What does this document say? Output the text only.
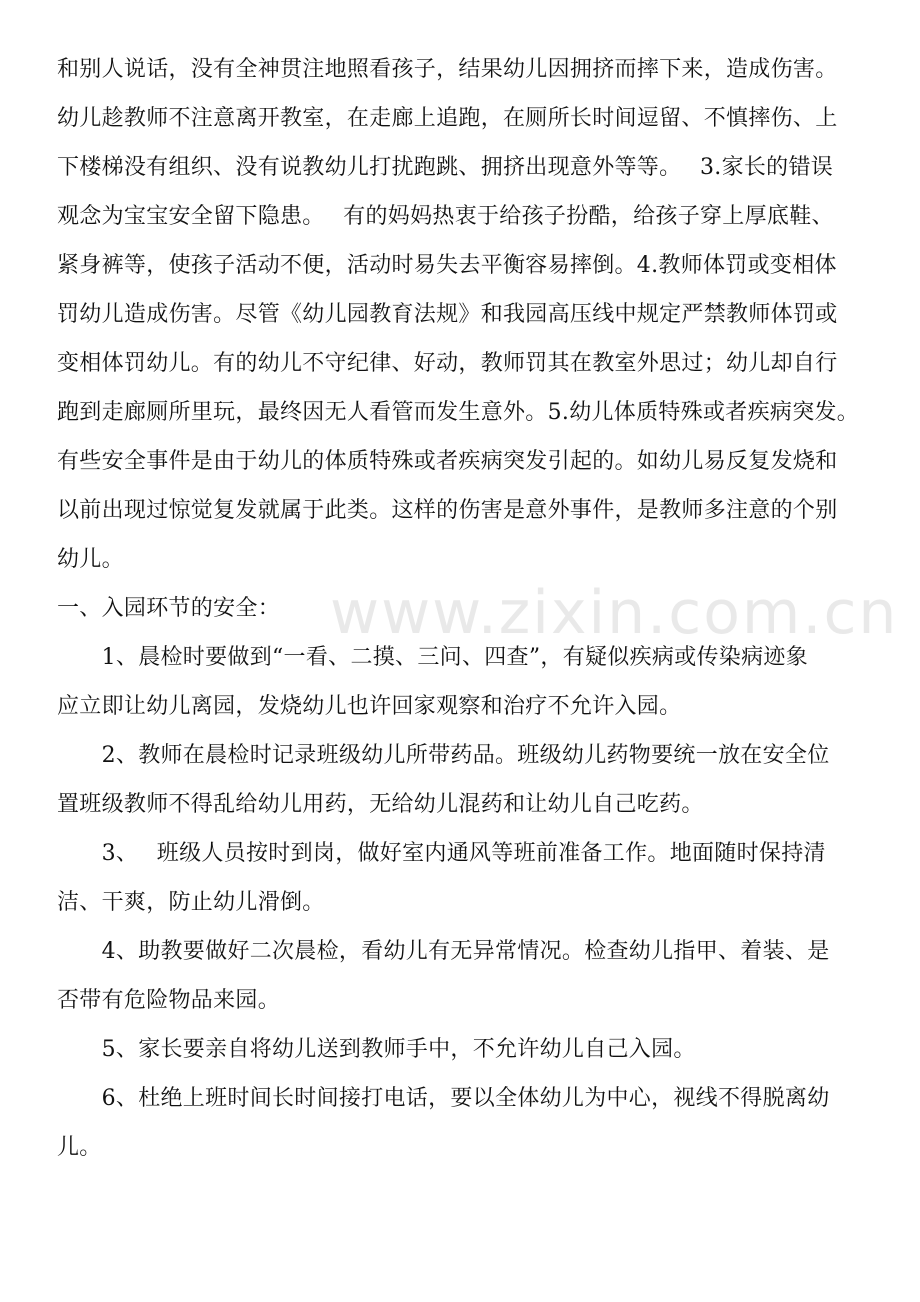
www.zixin.com.cn
和别人说话，没有全神贯注地照看孩子，结果幼儿因拥挤而摔下来，造成伤害。
幼儿趁教师不注意离开教室，在走廊上追跑，在厕所长时间逗留、不慎摔伤、上
下楼梯没有组织、没有说教幼儿打扰跑跳、拥挤出现意外等等。　 3.家长的错误
观念为宝宝安全留下隐患。　 有的妈妈热衷于给孩子扮酷，给孩子穿上厚底鞋、
紧身裤等，使孩子活动不便，活动时易失去平衡容易摔倒。4.教师体罚或变相体
罚幼儿造成伤害。尽管《幼儿园教育法规》和我园高压线中规定严禁教师体罚或
变相体罚幼儿。有的幼儿不守纪律、好动，教师罚其在教室外思过；幼儿却自行
跑到走廊厕所里玩，最终因无人看管而发生意外。5.幼儿体质特殊或者疾病突发。
有些安全事件是由于幼儿的体质特殊或者疾病突发引起的。如幼儿易反复发烧和
以前出现过惊觉复发就属于此类。这样的伤害是意外事件，是教师多注意的个别
幼儿。
一、入园环节的安全：
　　1、晨检时要做到“一看、二摸、三问、四查”，有疑似疾病或传染病迹象
应立即让幼儿离园，发烧幼儿也许回家观察和治疗不允许入园。
　　2、教师在晨检时记录班级幼儿所带药品。班级幼儿药物要统一放在安全位
置班级教师不得乱给幼儿用药，无给幼儿混药和让幼儿自己吃药。
　　3、　 班级人员按时到岗，做好室内通风等班前准备工作。地面随时保持清
洁、干爽，防止幼儿滑倒。
　　4、助教要做好二次晨检，看幼儿有无异常情况。检查幼儿指甲、着装、是
否带有危险物品来园。
　　5、家长要亲自将幼儿送到教师手中，不允许幼儿自己入园。
　　6、杜绝上班时间长时间接打电话，要以全体幼儿为中心，视线不得脱离幼
儿。
